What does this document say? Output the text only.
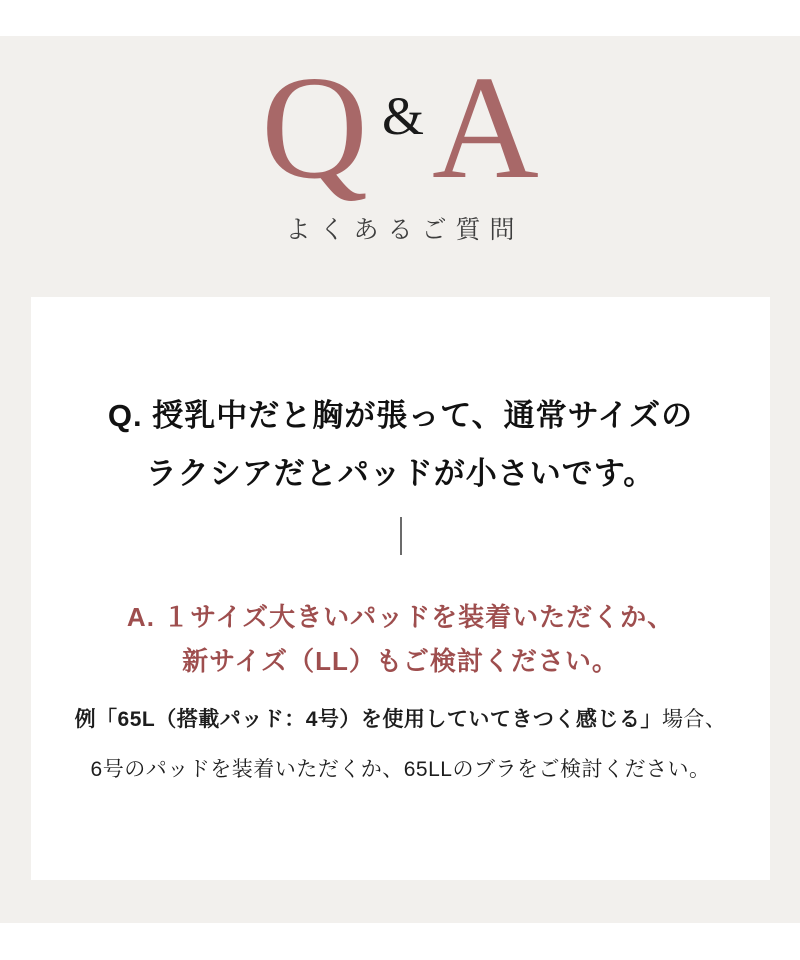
Q & A
よくあるご質問
Q. 授乳中だと胸が張って、通常サイズの
ラクシアだとパッドが小さいです。
A. １サイズ大きいパッドを装着いただくか、
新サイズ（LL）もご検討ください。
例「65L（搭載パッド：4号）を使用していてきつく感じる」場合、
6号のパッドを装着いただくか、65LLのブラをご検討ください。
